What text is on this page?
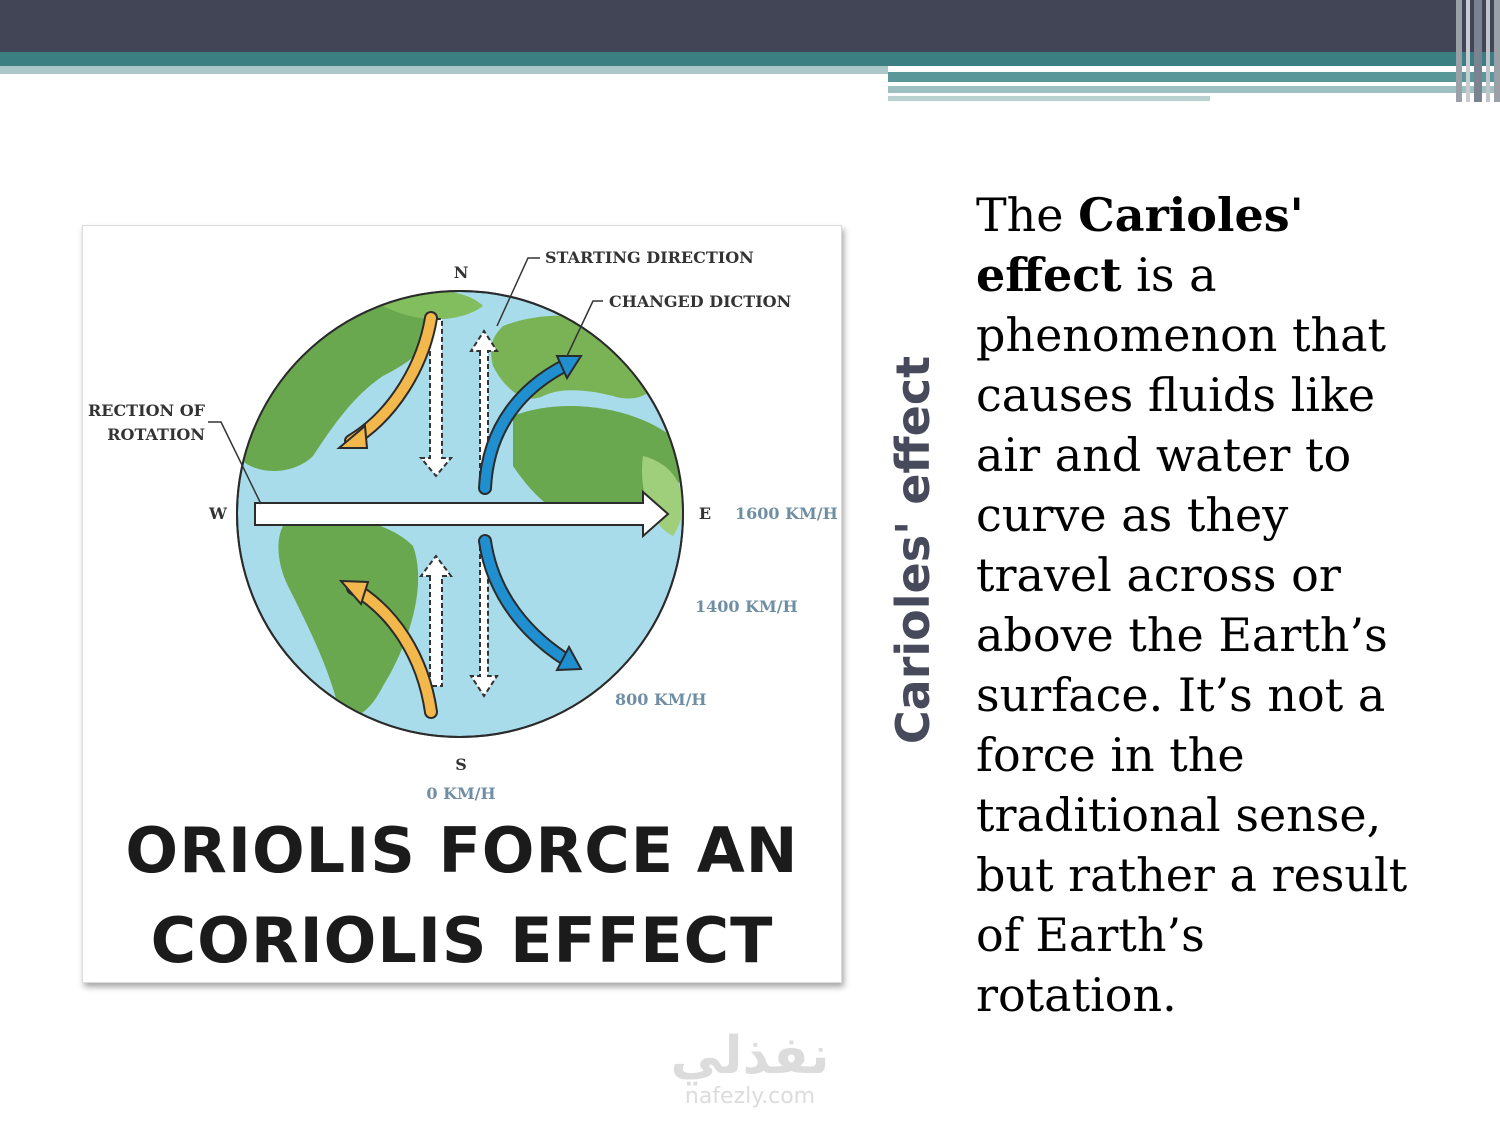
N
S
W	E
STARTING DIRECTION
CHANGED DICTION
RECTION OF
ROTATION
1600 KM/H
1400 KM/H
800 KM/H
0 KM/H
ORIOLIS FORCE AN
CORIOLIS EFFECT
Carioles' effect
The Carioles' effect is a phenomenon that causes fluids like air and water to curve as they travel across or above the Earth’s surface. It’s not a force in the traditional sense, but rather a result of Earth’s rotation.
نفذلي
nafezly.com
